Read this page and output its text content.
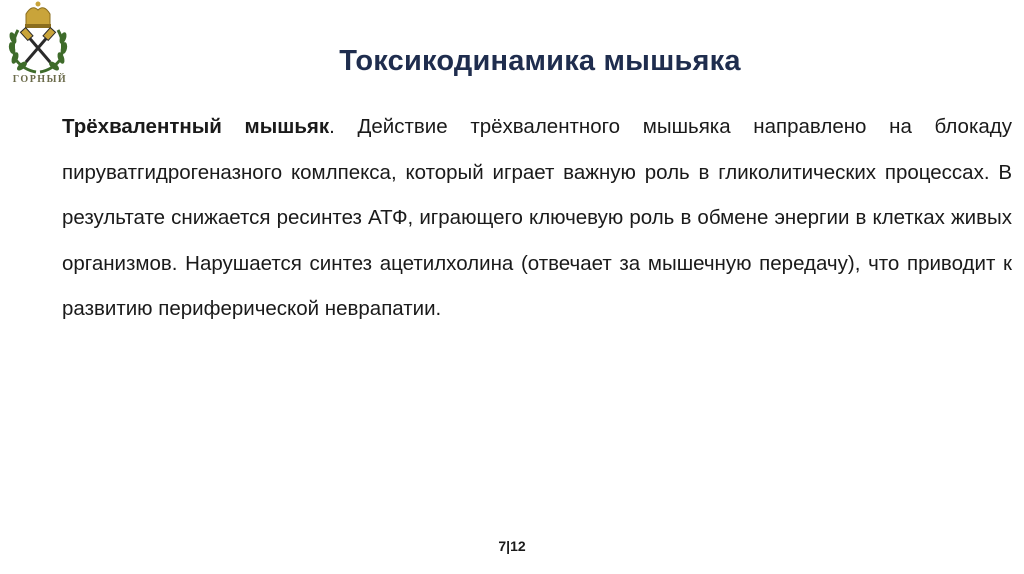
ГОРНЫЙ
Токсикодинамика мышьяка
Трёхвалентный мышьяк. Действие трёхвалентного мышьяка направлено на блокаду пируватгидрогеназного комлпекса, который играет важную роль в гликолитических процессах. В результате снижается ресинтез АТФ, играющего ключевую роль в обмене энергии в клетках живых организмов. Нарушается синтез ацетилхолина (отвечает за мышечную передачу), что приводит к развитию периферической неврапатии.
7|12
